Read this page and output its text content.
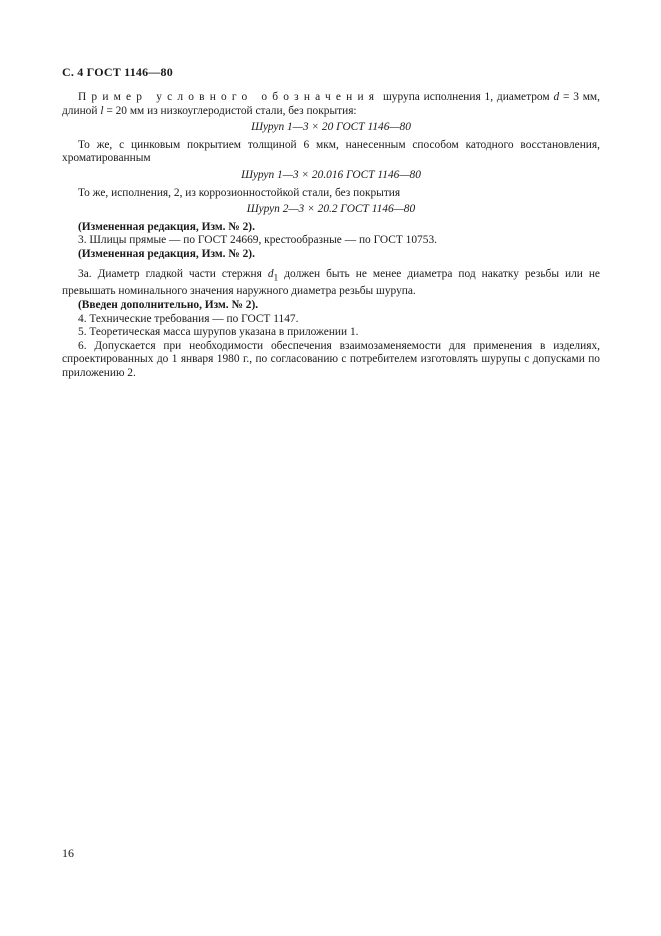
С. 4 ГОСТ 1146—80

Пример условного обозначения шурупа исполнения 1, диаметром d = 3 мм, длиной l = 20 мм из низкоуглеродистой стали, без покрытия:

Шуруп 1—3 × 20 ГОСТ 1146—80

То же, с цинковым покрытием толщиной 6 мкм, нанесенным способом катодного восстановления, хроматированным

Шуруп 1—3 × 20.016 ГОСТ 1146—80

То же, исполнения, 2, из коррозионностойкой стали, без покрытия

Шуруп 2—3 × 20.2 ГОСТ 1146—80

(Измененная редакция, Изм. № 2).

3. Шлицы прямые — по ГОСТ 24669, крестообразные — по ГОСТ 10753.

(Измененная редакция, Изм. № 2).

3а. Диаметр гладкой части стержня $d_1$ должен быть не менее диаметра под накатку резьбы или не превышать номинального значения наружного диаметра резьбы шурупа.

(Введен дополнительно, Изм. № 2).

4. Технические требования — по ГОСТ 1147.

5. Теоретическая масса шурупов указана в приложении 1.

6. Допускается при необходимости обеспечения взаимозаменяемости для применения в изделиях, спроектированных до 1 января 1980 г., по согласованию с потребителем изготовлять шурупы с допусками по приложению 2.

16
